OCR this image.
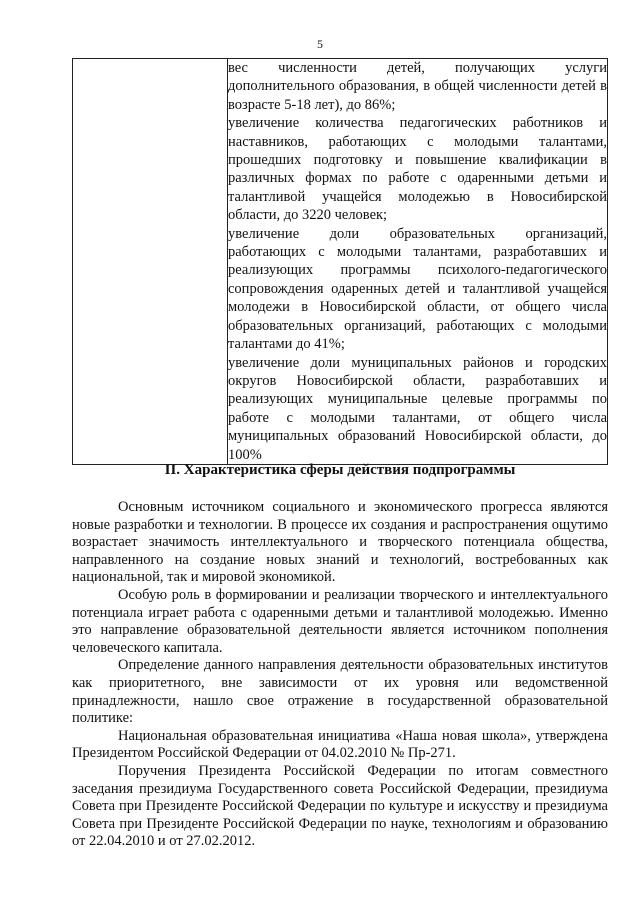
5

вес численности детей, получающих услуги дополнительного образования, в общей численности детей в возрасте 5-18 лет), до 86%;

увеличение количества педагогических работников и наставников, работающих с молодыми талантами, прошедших подготовку и повышение квалификации в различных формах по работе с одаренными детьми и талантливой учащейся молодежью в Новосибирской области, до 3220 человек;

увеличение доли образовательных организаций, работающих с молодыми талантами, разработавших и реализующих программы психолого-педагогического сопровождения одаренных детей и талантливой учащейся молодежи в Новосибирской области, от общего числа образовательных организаций, работающих с молодыми талантами до 41%;

увеличение доли муниципальных районов и городских округов Новосибирской области, разработавших и реализующих муниципальные целевые программы по работе с молодыми талантами, от общего числа муниципальных образований Новосибирской области, до 100%

II. Характеристика сферы действия подпрограммы

Основным источником социального и экономического прогресса являются новые разработки и технологии. В процессе их создания и распространения ощутимо возрастает значимость интеллектуального и творческого потенциала общества, направленного на создание новых знаний и технологий, востребованных как национальной, так и мировой экономикой.

Особую роль в формировании и реализации творческого и интеллектуального потенциала играет работа с одаренными детьми и талантливой молодежью. Именно это направление образовательной деятельности является источником пополнения человеческого капитала.

Определение данного направления деятельности образовательных институтов как приоритетного, вне зависимости от их уровня или ведомственной принадлежности, нашло свое отражение в государственной образовательной политике:

Национальная образовательная инициатива «Наша новая школа», утверждена Президентом Российской Федерации от 04.02.2010 № Пр-271.

Поручения Президента Российской Федерации по итогам совместного заседания президиума Государственного совета Российской Федерации, президиума Совета при Президенте Российской Федерации по культуре и искусству и президиума Совета при Президенте Российской Федерации по науке, технологиям и образованию от 22.04.2010 и от 27.02.2012.
